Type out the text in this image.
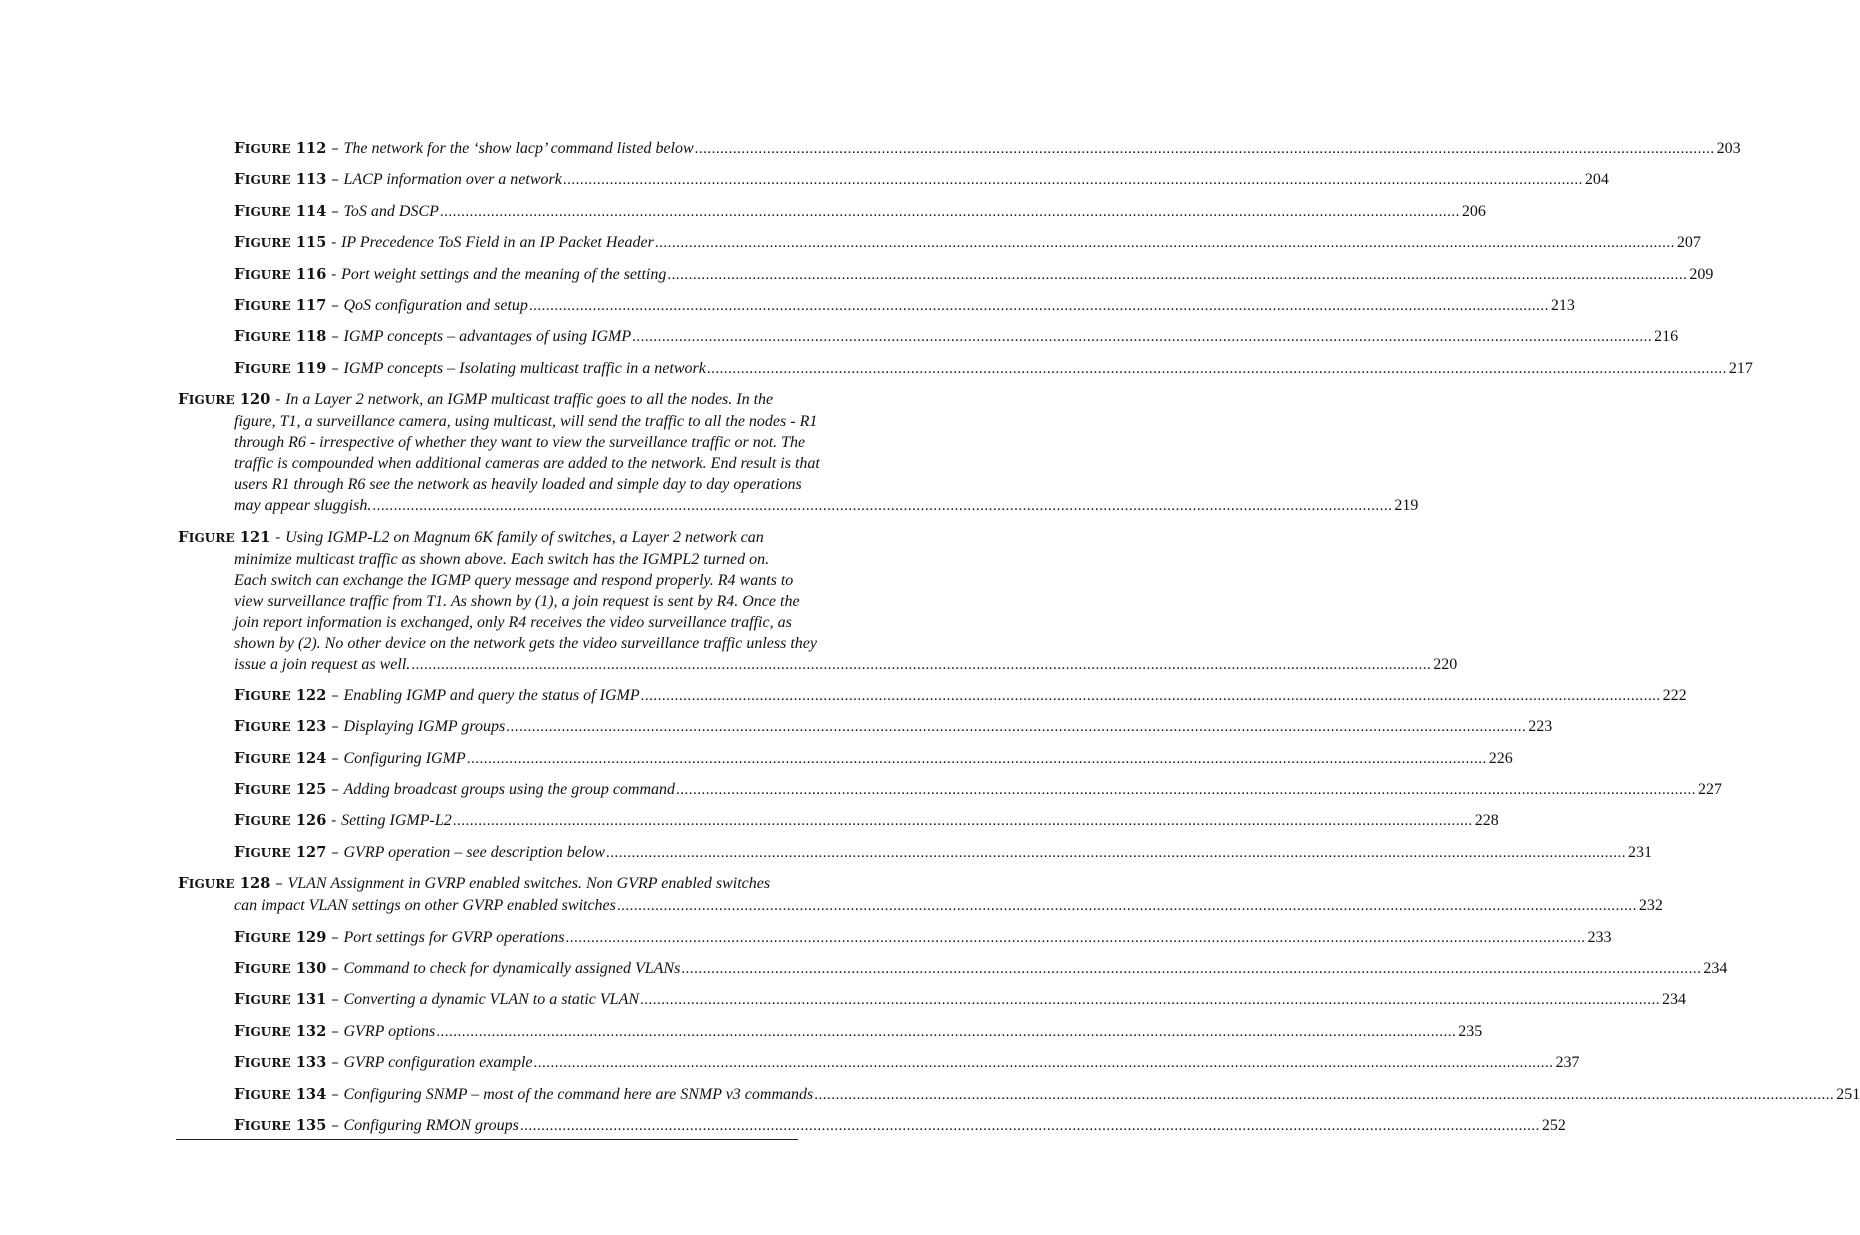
FIGURE 112 – The network for the ‘show lacp’ command listed below .....	203
FIGURE 113 – LACP information over a network .....	204
FIGURE 114 – ToS and DSCP .....	206
FIGURE 115 - IP Precedence ToS Field in an IP Packet Header .....	207
FIGURE 116 - Port weight settings and the meaning of the setting .....	209
FIGURE 117 – QoS configuration and setup .....	213
FIGURE 118 – IGMP concepts – advantages of using IGMP .....	216
FIGURE 119 – IGMP concepts – Isolating multicast traffic in a network .....	217
FIGURE 120 - In a Layer 2 network, an IGMP multicast traffic goes to all the nodes. In the
figure, T1, a surveillance camera, using multicast, will send the traffic to all the nodes - R1
through R6 - irrespective of whether they want to view the surveillance traffic or not. The
traffic is compounded when additional cameras are added to the network. End result is that
users R1 through R6 see the network as heavily loaded and simple day to day operations
may appear sluggish. .....	219
FIGURE 121 - Using IGMP-L2 on Magnum 6K family of switches, a Layer 2 network can
minimize multicast traffic as shown above. Each switch has the IGMPL2 turned on.
Each switch can exchange the IGMP query message and respond properly. R4 wants to
view surveillance traffic from T1. As shown by (1), a join request is sent by R4. Once the
join report information is exchanged, only R4 receives the video surveillance traffic, as
shown by (2). No other device on the network gets the video surveillance traffic unless they
issue a join request as well. .....	220
FIGURE 122 – Enabling IGMP and query the status of IGMP .....	222
FIGURE 123 – Displaying IGMP groups .....	223
FIGURE 124 – Configuring IGMP .....	226
FIGURE 125 – Adding broadcast groups using the group command .....	227
FIGURE 126 - Setting IGMP-L2 .....	228
FIGURE 127 – GVRP operation – see description below .....	231
FIGURE 128 – VLAN Assignment in GVRP enabled switches. Non GVRP enabled switches
can impact VLAN settings on other GVRP enabled switches .....	232
FIGURE 129 – Port settings for GVRP operations .....	233
FIGURE 130 – Command to check for dynamically assigned VLANs .....	234
FIGURE 131 – Converting a dynamic VLAN to a static VLAN .....	234
FIGURE 132 – GVRP options .....	235
FIGURE 133 – GVRP configuration example .....	237
FIGURE 134 – Configuring SNMP – most of the command here are SNMP v3 commands .....	251
FIGURE 135 – Configuring RMON groups .....	252
